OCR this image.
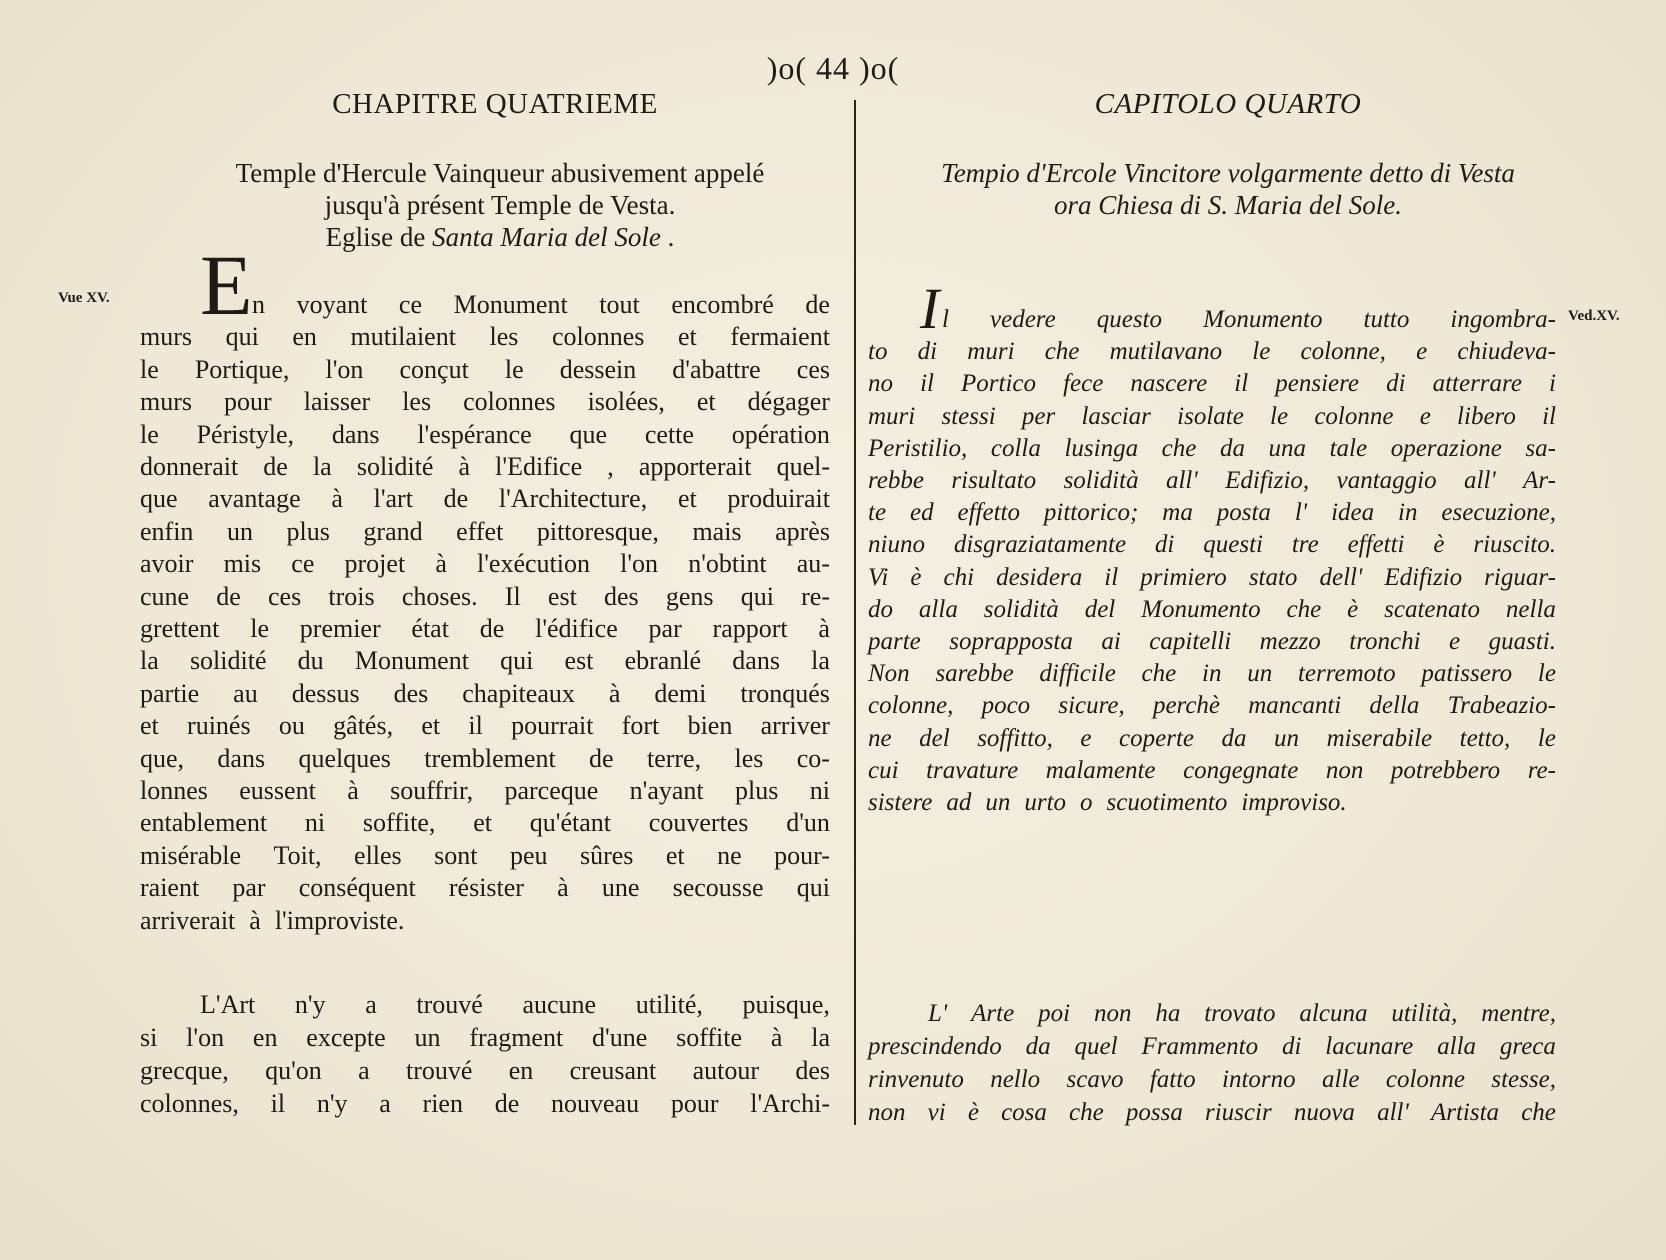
)o( 44 )o(
Vue XV.
Ved.XV.
CHAPITRE QUATRIEME
Temple d'Hercule Vainqueur abusivement appelé
jusqu'à présent Temple de Vesta.
Eglise de Santa Maria del Sole .
n voyant ce Monument tout encombré de
murs qui en mutilaient les colonnes et fermaient
le Portique, l'on conçut le dessein d'abattre ces
murs pour laisser les colonnes isolées, et dégager
le Péristyle, dans l'espérance que cette opération
donnerait de la solidité à l'Edifice , apporterait quel-
que avantage à l'art de l'Architecture, et produirait
enfin un plus grand effet pittoresque, mais après
avoir mis ce projet à l'exécution l'on n'obtint au-
cune de ces trois choses. Il est des gens qui re-
grettent le premier état de l'édifice par rapport à
la solidité du Monument qui est ebranlé dans la
partie au dessus des chapiteaux à demi tronqués
et ruinés ou gâtés, et il pourrait fort bien arriver
que, dans quelques tremblement de terre, les co-
lonnes eussent à souffrir, parceque n'ayant plus ni
entablement ni soffite, et qu'étant couvertes d'un
misérable Toit, elles sont peu sûres et ne pour-
raient par conséquent résister à une secousse qui
arriverait à l'improviste.
E
L'Art n'y a trouvé aucune utilité, puisque,
si l'on en excepte un fragment d'une soffite à la
grecque, qu'on a trouvé en creusant autour des
colonnes, il n'y a rien de nouveau pour l'Archi-
CAPITOLO QUARTO
Tempio d'Ercole Vincitore volgarmente detto di Vesta
ora Chiesa di S. Maria del Sole.
l vedere questo Monumento tutto ingombra-
to di muri che mutilavano le colonne, e chiudeva-
no il Portico fece nascere il pensiere di atterrare i
muri stessi per lasciar isolate le colonne e libero il
Peristilio, colla lusinga che da una tale operazione sa-
rebbe risultato solidità all' Edifizio, vantaggio all' Ar-
te ed effetto pittorico; ma posta l' idea in esecuzione,
niuno disgraziatamente di questi tre effetti è riuscito.
Vi è chi desidera il primiero stato dell' Edifizio riguar-
do alla solidità del Monumento che è scatenato nella
parte soprapposta ai capitelli mezzo tronchi e guasti.
Non sarebbe difficile che in un terremoto patissero le
colonne, poco sicure, perchè mancanti della Trabeazio-
ne del soffitto, e coperte da un miserabile tetto, le
cui travature malamente congegnate non potrebbero re-
sistere ad un urto o scuotimento improviso.
I
L' Arte poi non ha trovato alcuna utilità, mentre,
prescindendo da quel Frammento di lacunare alla greca
rinvenuto nello scavo fatto intorno alle colonne stesse,
non vi è cosa che possa riuscir nuova all' Artista che
